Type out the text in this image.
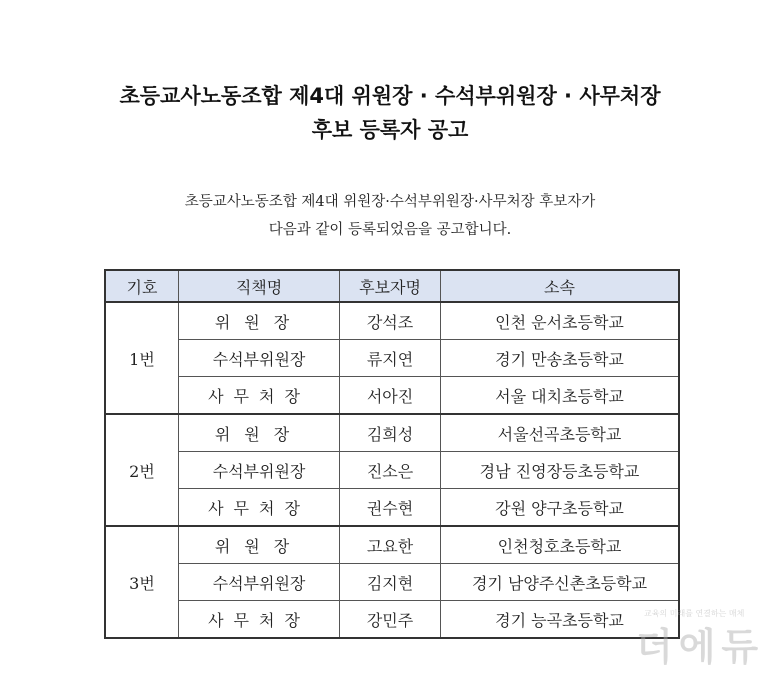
초등교사노동조합 제4대 위원장 · 수석부위원장 · 사무처장
후보 등록자 공고
초등교사노동조합 제4대 위원장·수석부위원장·사무처장 후보자가
다음과 같이 등록되었음을 공고합니다.
기호	직책명	후보자명	소속
1번	위원장	강석조	인천 운서초등학교
	수석부위원장	류지연	경기 만송초등학교
	사무처장	서아진	서울 대치초등학교
2번	위원장	김희성	서울선곡초등학교
	수석부위원장	진소은	경남 진영장등초등학교
	사무처장	권수현	강원 양구초등학교
3번	위원장	고요한	인천청호초등학교
	수석부위원장	김지현	경기 남양주신촌초등학교
	사무처장	강민주	경기 능곡초등학교	교육의 미래를 연결하는 매체
더에듀
